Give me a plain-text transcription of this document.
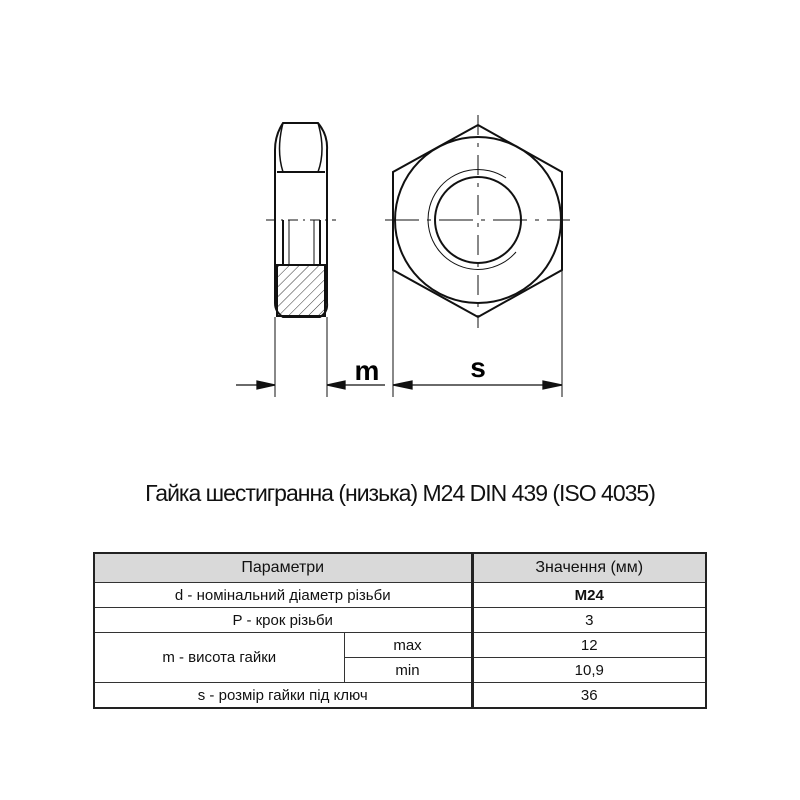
m	s
Гайка шестигранна (низька) М24 DIN 439 (ISO 4035)
Параметри		Значення (мм)
d - номінальний діаметр різьби		M24
P - крок різьби		3
m - висота гайки	max	12
	min	10,9
s - розмір гайки під ключ		36
